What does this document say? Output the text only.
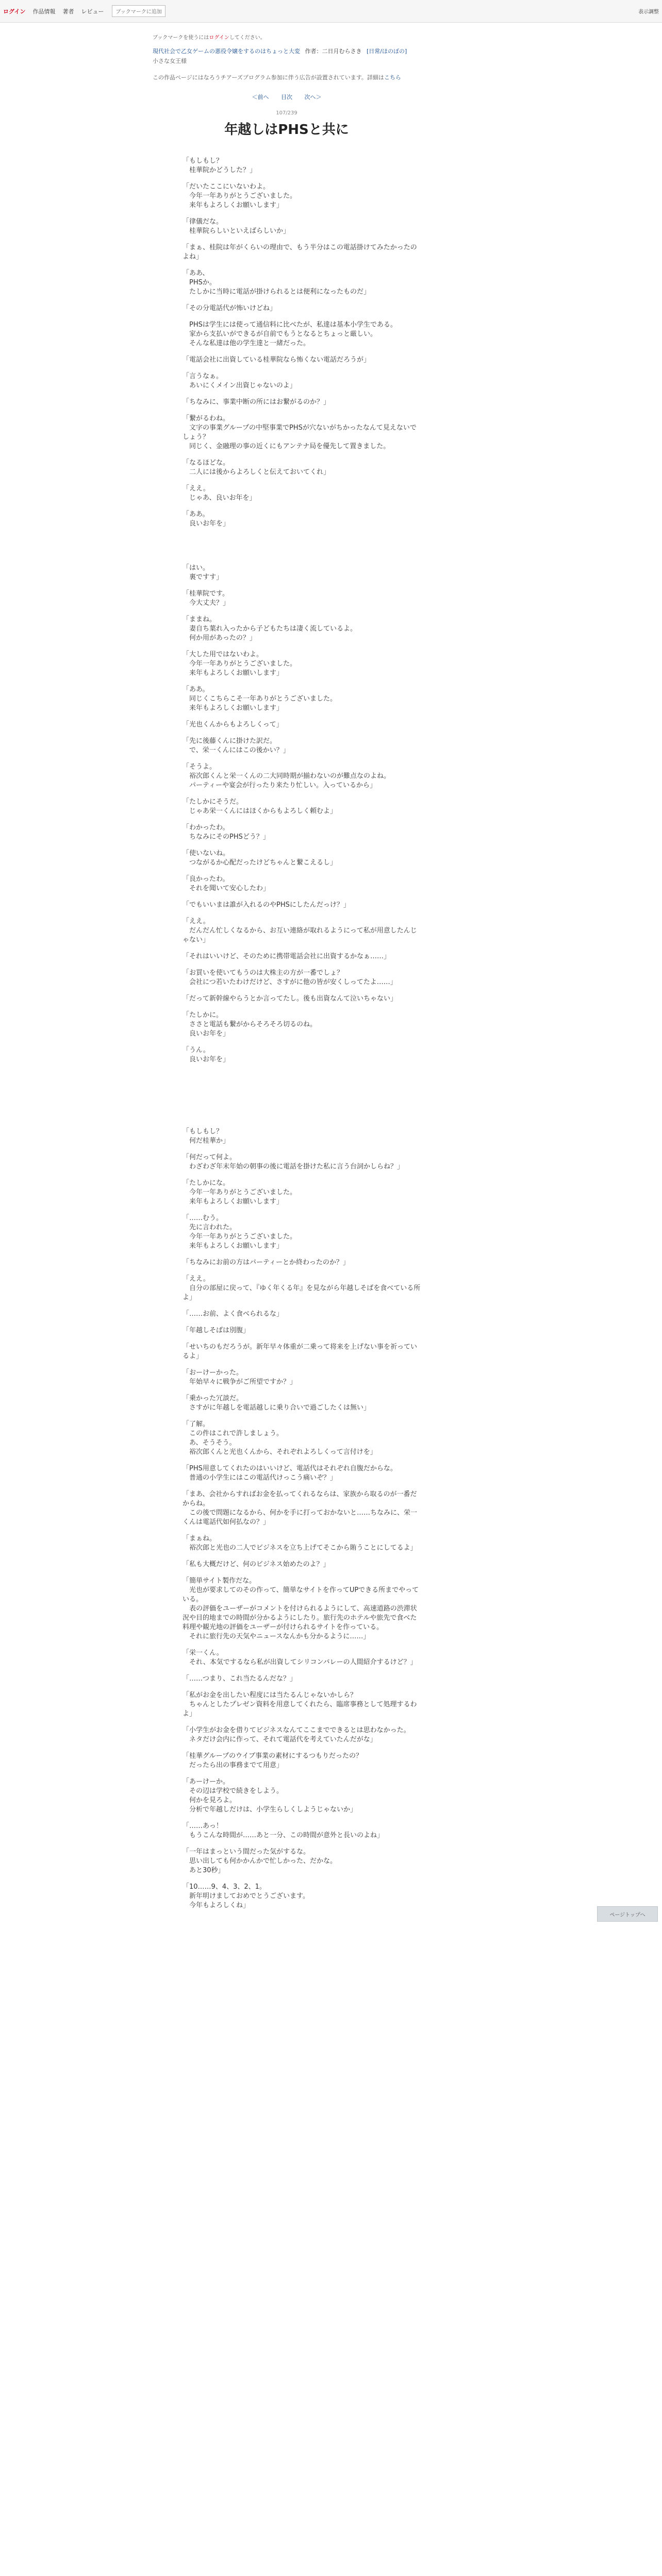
ログイン 作品情報 著者 レビュー	ブックマークに追加	表示調整
ブックマークを使うにはログインしてください。
現代社会で乙女ゲームの悪役令嬢をするのはちょっと大変 作者：二日月むらさき [日常/ほのぼの]
小さな女王様
この作品ページにはなろうチアーズプログラム参加に伴う広告が設置されています。詳細はこちら
＜前へ 目次 次へ＞
107/239
年越しはPHSと共に

「もしもし？
　桂華院かどうした？」

「だいたここにいないわよ。
　今年一年ありがとうございました。
　来年もよろしくお願いします」

「律儀だな。
　桂華院らしいといえばらしいか」

「まぁ、桂院は年がくらいの理由で、もう半分はこの電話掛けてみたかったのよね」

「ああ、
　PHSか。
　たしかに当時に電話が掛けられるとは便利になったものだ」

「その分電話代が怖いけどね」

　PHSは学生には使って通信料に比べたが、私達は基本小学生である。
　家から支払いができるが自前でもうとなるとちょっと厳しい。
　そんな私達は他の学生達と一緒だった。

「電話会社に出資している桂華院なら怖くない電話だろうが」

「言うなぁ。
　あいにくメイン出資じゃないのよ」

「ちなみに、事業中断の所にはお繋がるのか？」

「繋がるわね。
　文字の事業グループの中堅事業でPHSが穴ないがちかったなんて見えないでしょう？
　同じく、金融理の事の近くにもアンテナ局を優先して置きました。

「なるほどな。
　二人には後からよろしくと伝えておいてくれ」

「ええ。
　じゃあ、良いお年を」

「ああ。
　良いお年を」

「はい。
　裏ですす」

「桂華院です。
　今大丈夫？」

「ままね。
　妻自ち葉れ入ったから子どもたちは凄く流しているよ。
　何か用があったの？」

「大した用ではないわよ。
　今年一年ありがとうございました。
　来年もよろしくお願いします」

「ああ。
　同じくこちらこそ一年ありがとうございました。
　来年もよろしくお願いします」

「光也くんからもよろしくって」

「先に後藤くんに掛けた訳だ。
　で、栄一くんにはこの後かい？」

「そうよ。
　裕次郎くんと栄一くんの二大同時期が揃わないのが難点なのよね。
　パーティーや宴会が行ったり来たり忙しい。入っているから」

「たしかにそうだ。
　じゃあ栄一くんにはほくからもよろしく頼むよ」

「わかったわ。
　ちなみにそのPHSどう？」

「使いないね。
　つながるか心配だったけどちゃんと繋こえるし」

「良かったわ。
　それを聞いて安心したわ」

「でもいいまは誰が入れるのやPHSにしたんだっけ？」

「ええ。
　だんだん忙しくなるから、お互い連絡が取れるようにって私が用意したんじゃない」

「それはいいけど、そのために携帯電話会社に出資するかなぁ……」

「お買いを使いてもうのは大株主の方が一番でしょ？
　会社につ若いたわけだけど、さすがに他の皆が安くしってたよ……」

「だって新幹線やらうとか言ってたし。後も出資なんて泣いちゃない」

「たしかに。
　ささと電話も繋がからそろそろ切るのね。
　良いお年を」

「うん。
　良いお年を」

「もしもし？
　何だ桂華か」

「何だって何よ。
　わざわざ年末年始の朝事の後に電話を掛けた私に言う台詞かしらね？」

「たしかにな。
　今年一年ありがとうございました。
　来年もよろしくお願いします」

「……むう。
　先に言われた。
　今年一年ありがとうございました。
　来年もよろしくお願いします」

「ちなみにお前の方はパーティーとか終わったのか？」

「ええ。
　自分の部屋に戻って、『ゆく年くる年』を見ながら年越しそばを食べている所よ」

「……お前、よく食べられるな」

「年越しそばは別腹」

「せいちのもだろうが。新年早々体重が二乗って将来を上げない事を祈っているよ」

「おーけーかった。
　年始早々に戦争がご所望ですか？」

「乗かった冗談だ。
　さすがに年越しを電話越しに乗り合いで過ごしたくは無い」

「了解。
　この件はこれで許しましょう。
　あ、そうそう。
　裕次郎くんと光也くんから、それぞれよろしくって言付けを」

「PHS用意してくれたのはいいけど、電話代はそれぞれ自腹だからな。
　普通の小学生にはこの電話代けっこう痛いぞ？」

「まあ、会社からすればお金を払ってくれるならは、家族から取るのが一番だからね。
　この後で問題になるから、何かを手に打っておかないと……ちなみに、栄一くんは電話代如何払なの？」

「まぁね。
　裕次郎と光也の二人でビジネスを立ち上げてそこから賄うことにしてるよ」

「私も大概だけど、何のビジネス始めたのよ？」

「簡単サイト製作だな。
　光也が要求してのその作って、簡単なサイトを作ってUPできる所までやっている。
　表の評価をユーザーがコメントを付けられるようにして、高速道路の渋滞状況や目的地までの時間が分かるようにしたり。旅行先のホテルや旅先で食べた料理や観光地の評価をユーザーが付けられるサイトを作っている。
　それに旅行先の天気やニュースなんかも分かるように……」

「栄一くん。
　それ、本気でするなら私が出資してシリコンバレーの人間紹介するけど？」

「……つまり、これ当たるんだな？」

「私がお金を出したい程度には当たるんじゃないかしら？
　ちゃんとしたプレゼン資料を用意してくれたら、臨席事務として処理するわよ」

「小学生がお金を借りてビジネスなんてここまでできるとは思わなかった。
　ネタだけ会内に作って、それて電話代を考えていたんだがな」

「桂華グループのウイブ事業の素材にするつもりだったの？
　だったら出の事務までて用意」

「あーけーか。
　その辺は学校で続きをしよう。
　何かを見ろよ。
　分析で年越しだけは、小学生らしくしようじゃないか」

「……あっ！
　もうこんな時間が……あと一分、この時間が意外と長いのよね」

「一年はまっという間だった気がするな。
　思い出しても何かかんかで忙しかった、だかな。
　あと30秒」

「10……9、4、3、2、1。
　新年明けましておめでとうございます。
　今年もよろしくね」

ページトップへ
